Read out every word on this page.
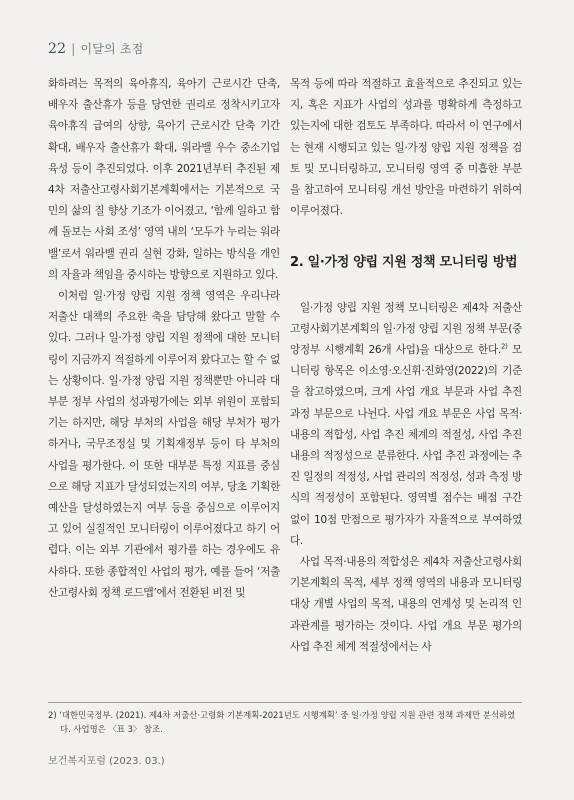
22 | 이달의 초점

화하려는 목적의 육아휴직, 육아기 근로시간 단축, 배우자 출산휴가 등을 당연한 권리로 정착시키고자 육아휴직 급여의 상향, 육아기 근로시간 단축 기간 확대, 배우자 출산휴가 확대, 워라밸 우수 중소기업 육성 등이 추진되었다. 이후 2021년부터 추진된 제4차 저출산고령사회기본계획에서는 기본적으로 국민의 삶의 질 향상 기조가 이어졌고, ‘함께 일하고 함께 돌보는 사회 조성’ 영역 내의 ‘모두가 누리는 워라밸’로서 워라밸 권리 실현 강화, 일하는 방식을 개인의 자율과 책임을 중시하는 방향으로 지원하고 있다.

이처럼 일·가정 양립 지원 정책 영역은 우리나라 저출산 대책의 주요한 축을 담당해 왔다고 말할 수 있다. 그러나 일·가정 양립 지원 정책에 대한 모니터링이 지금까지 적절하게 이루어져 왔다고는 할 수 없는 상황이다. 일·가정 양립 지원 정책뿐만 아니라 대부분 정부 사업의 성과평가에는 외부 위원이 포함되기는 하지만, 해당 부처의 사업을 해당 부처가 평가하거나, 국무조정실 및 기획재정부 등이 타 부처의 사업을 평가한다. 이 또한 대부분 특정 지표를 중심으로 해당 지표가 달성되었는지의 여부, 당초 기획한 예산을 달성하였는지 여부 등을 중심으로 이루어지고 있어 실질적인 모니터링이 이루어졌다고 하기 어렵다. 이는 외부 기관에서 평가를 하는 경우에도 유사하다. 또한 종합적인 사업의 평가, 예를 들어 ‘저출산고령사회 정책 로드맵’에서 전환된 비전 및

목적 등에 따라 적절하고 효율적으로 추진되고 있는지, 혹은 지표가 사업의 성과를 명확하게 측정하고 있는지에 대한 검토도 부족하다. 따라서 이 연구에서는 현재 시행되고 있는 일·가정 양립 지원 정책을 검토 및 모니터링하고, 모니터링 영역 중 미흡한 부분을 참고하여 모니터링 개선 방안을 마련하기 위하여 이루어졌다.

2. 일·가정 양립 지원 정책 모니터링 방법

일·가정 양립 지원 정책 모니터링은 제4차 저출산고령사회기본계획의 일·가정 양립 지원 정책 부문(중앙정부 시행계획 26개 사업)을 대상으로 한다.$^{2)}$ 모니터링 항목은 이소영·오신휘·진화영(2022)의 기준을 참고하였으며, 크게 사업 개요 부문과 사업 추진 과정 부문으로 나뉜다. 사업 개요 부문은 사업 목적·내용의 적합성, 사업 추진 체계의 적절성, 사업 추진 내용의 적정성으로 분류한다. 사업 추진 과정에는 추진 일정의 적정성, 사업 관리의 적정성, 성과 측정 방식의 적정성이 포함된다. 영역별 점수는 배점 구간 없이 10점 만점으로 평가자가 자율적으로 부여하였다.

사업 목적·내용의 적합성은 제4차 저출산고령사회기본계획의 목적, 세부 정책 영역의 내용과 모니터링 대상 개별 사업의 목적, 내용의 연계성 및 논리적 인과관계를 평가하는 것이다. 사업 개요 부문 평가의 사업 추진 체계 적절성에서는 사

2) ‘대한민국정부. (2021). 제4차 저출산·고령화 기본계획-2021년도 시행계획’ 중 일·가정 양립 지원 관련 정책 과제만 분석하였다. 사업명은 〈표 3〉 참조.
보건복지포럼 (2023. 03.)
